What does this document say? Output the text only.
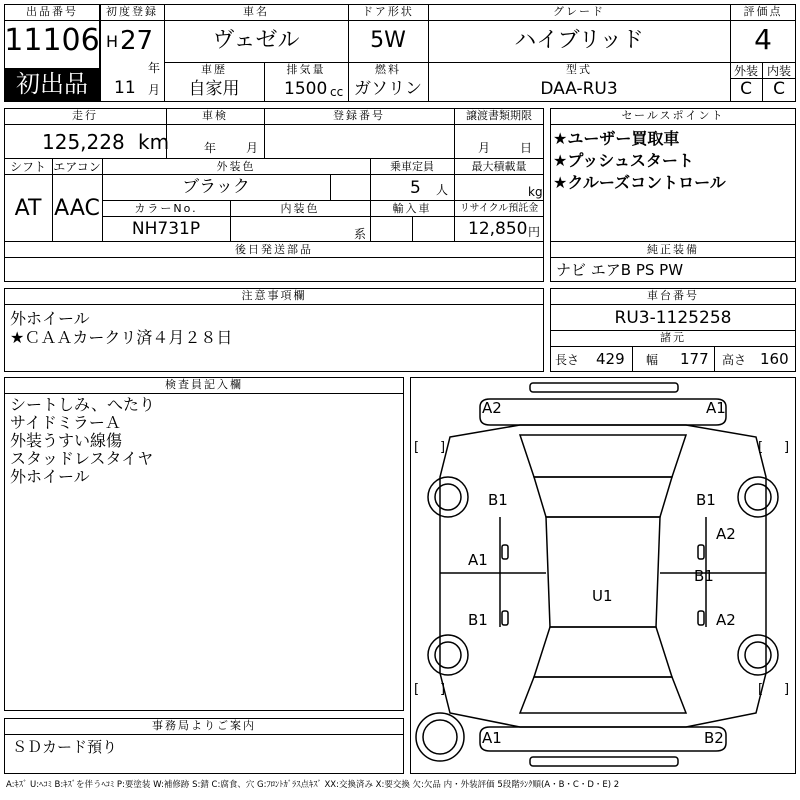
出品番号
11106
初出品
初度登録
H 27
年
11 月
車名
ヴェゼル
ドア形状
5W
グレード
ハイブリッド
評価点
4
車歴
自家用
排気量
1500 cc
燃料
ガソリン
型式
DAA-RU3
外装 内装
C	C
走行
125,228 km
車検
年 月
登録番号	譲渡書類期限
月 日
シフト
AT
エアコン
AAC
外装色
ブラック
乗車定員
5 人
最大積載量
kg
カラーNo.
NH731P
内装色
系
輸入車	リサイクル預託金
12,850 円
後日発送部品
セールスポイント
★ユーザー買取車
★プッシュスタート
★クルーズコントロール
純正装備
ナビ エアB PS PW
注意事項欄
外ホイール
★ＣＡＡカークリ済４月２８日
車台番号
RU3-1125258
諸元
長さ 429 幅 177 高さ 160
検査員記入欄
シートしみ、へたり
サイドミラーＡ
外装うすい線傷
スタッドレスタイヤ
外ホイール
事務局よりご案内
ＳＤカード預り
[ ]	[ ]
[ ]	[ ]
A2	A1
B1	B1
A1
A2
B1
U1
B1	A2
A1	B2
A:ｷｽﾞ U:ﾍｺﾐ B:ｷｽﾞを伴うﾍｺﾐ P:要塗装 W:補修跡 S:錆 C:腐食、穴 G:ﾌﾛﾝﾄｶﾞﾗｽ点ｷｽﾞ XX:交換済み X:要交換 欠:欠品 内・外装評価 5段階ﾗﾝｸ順(A・B・C・D・E) 2
